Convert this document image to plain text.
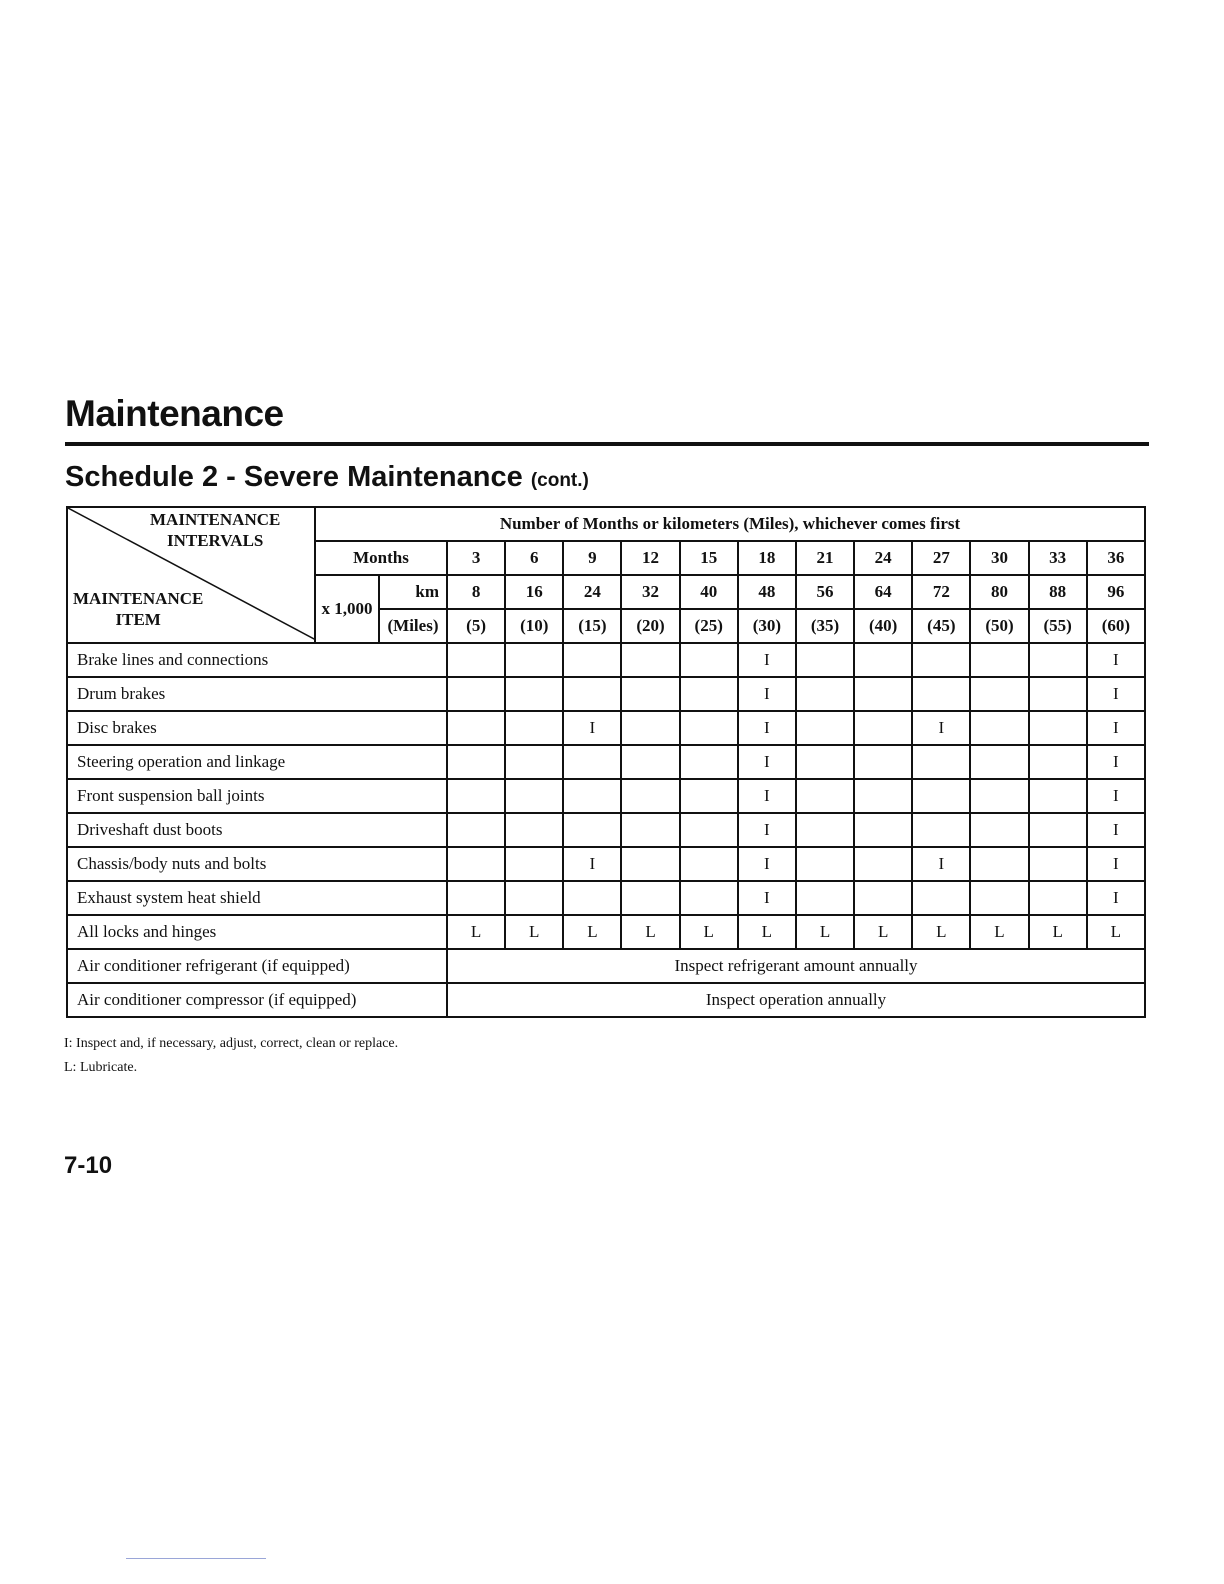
Maintenance
Schedule 2 - Severe Maintenance (cont.)
MAINTENANCE
INTERVALS
MAINTENANCE
ITEM	Number of Months or kilometers (Miles), whichever comes first													
	Months		3	6	9	12	15	18	21	24	27	30	33	36
	x 1,000	km	8	16	24	32	40	48	56	64	72	80	88	96
		(Miles)	(5)	(10)	(15)	(20)	(25)	(30)	(35)	(40)	(45)	(50)	(55)	(60)
Brake lines and connections								I						I
Drum brakes								I						I
Disc brakes					I			I			I			I
Steering operation and linkage								I						I
Front suspension ball joints								I						I
Driveshaft dust boots								I						I
Chassis/body nuts and bolts					I			I			I			I
Exhaust system heat shield								I						I
All locks and hinges			L	L	L	L	L	L	L	L	L	L	L	L
Air conditioner refrigerant (if equipped)			Inspect refrigerant amount annually											
Air conditioner compressor (if equipped)			Inspect operation annually											

I: Inspect and, if necessary, adjust, correct, clean or replace.

L: Lubricate.

7-10
